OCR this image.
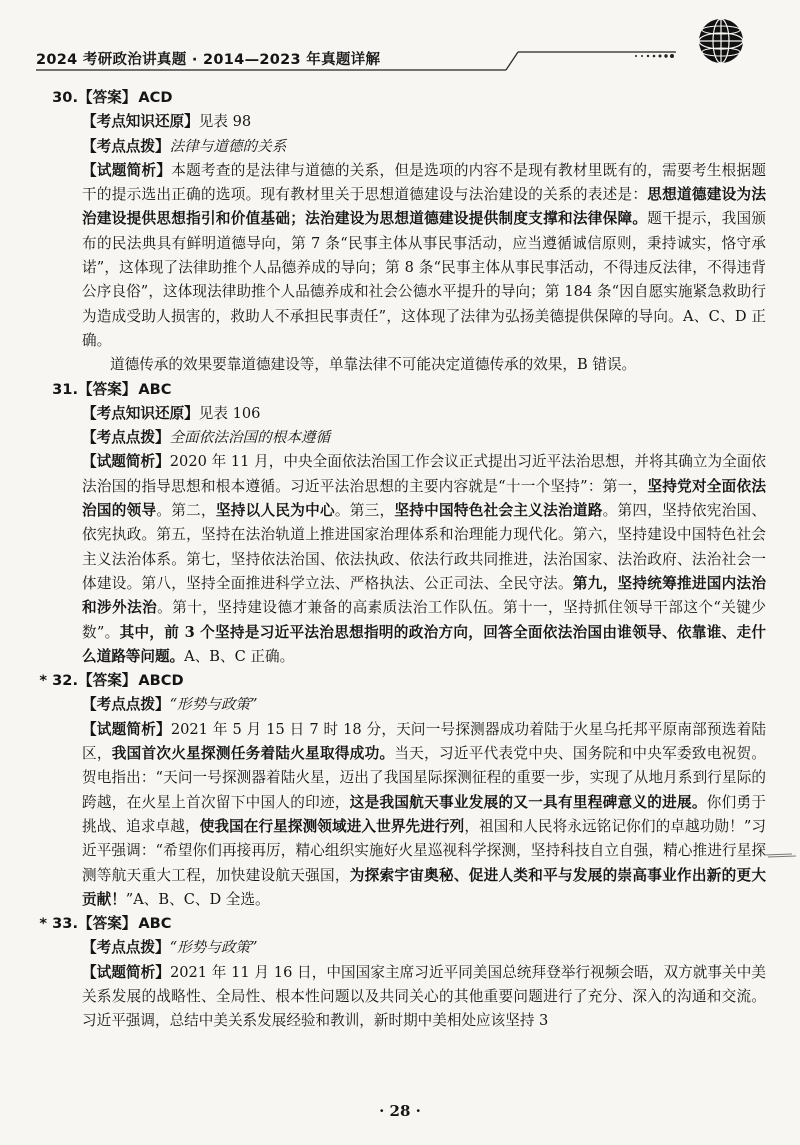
2024 考研政治讲真题 · 2014—2023 年真题详解
30.【答案】 ACD
【考点知识还原】见表 98
【考点点拨】法律与道德的关系
【试题简析】本题考查的是法律与道德的关系，但是选项的内容不是现有教材里既有的，需要考生根据题干的提示选出正确的选项。现有教材里关于思想道德建设与法治建设的关系的表述是：思想道德建设为法治建设提供思想指引和价值基础；法治建设为思想道德建设提供制度支撑和法律保障。题干提示，我国颁布的民法典具有鲜明道德导向，第 7 条“民事主体从事民事活动，应当遵循诚信原则，秉持诚实，恪守承诺”，这体现了法律助推个人品德养成的导向；第 8 条“民事主体从事民事活动，不得违反法律，不得违背公序良俗”，这体现法律助推个人品德养成和社会公德水平提升的导向；第 184 条“因自愿实施紧急救助行为造成受助人损害的，救助人不承担民事责任”，这体现了法律为弘扬美德提供保障的导向。A、C、D 正确。
道德传承的效果要靠道德建设等，单靠法律不可能决定道德传承的效果，B 错误。
31.【答案】 ABC
【考点知识还原】见表 106
【考点点拨】全面依法治国的根本遵循
【试题简析】2020 年 11 月，中央全面依法治国工作会议正式提出习近平法治思想，并将其确立为全面依法治国的指导思想和根本遵循。习近平法治思想的主要内容就是“十一个坚持”：第一，坚持党对全面依法治国的领导。第二，坚持以人民为中心。第三，坚持中国特色社会主义法治道路。第四，坚持依宪治国、依宪执政。第五，坚持在法治轨道上推进国家治理体系和治理能力现代化。第六，坚持建设中国特色社会主义法治体系。第七，坚持依法治国、依法执政、依法行政共同推进，法治国家、法治政府、法治社会一体建设。第八，坚持全面推进科学立法、严格执法、公正司法、全民守法。第九，坚持统筹推进国内法治和涉外法治。第十，坚持建设德才兼备的高素质法治工作队伍。第十一，坚持抓住领导干部这个“关键少数”。其中，前 3 个坚持是习近平法治思想指明的政治方向，回答全面依法治国由谁领导、依靠谁、走什么道路等问题。A、B、C 正确。
* 32.【答案】 ABCD
【考点点拨】“形势与政策”
【试题简析】2021 年 5 月 15 日 7 时 18 分，天问一号探测器成功着陆于火星乌托邦平原南部预选着陆区，我国首次火星探测任务着陆火星取得成功。当天，习近平代表党中央、国务院和中央军委致电祝贺。贺电指出：“天问一号探测器着陆火星，迈出了我国星际探测征程的重要一步，实现了从地月系到行星际的跨越，在火星上首次留下中国人的印迹，这是我国航天事业发展的又一具有里程碑意义的进展。你们勇于挑战、追求卓越，使我国在行星探测领域进入世界先进行列，祖国和人民将永远铭记你们的卓越功勋！”习近平强调：“希望你们再接再厉，精心组织实施好火星巡视科学探测，坚持科技自立自强，精心推进行星探测等航天重大工程，加快建设航天强国，为探索宇宙奥秘、促进人类和平与发展的崇高事业作出新的更大贡献！”A、B、C、D 全选。
* 33.【答案】 ABC
【考点点拨】“形势与政策”
【试题简析】2021 年 11 月 16 日，中国国家主席习近平同美国总统拜登举行视频会晤，双方就事关中美关系发展的战略性、全局性、根本性问题以及共同关心的其他重要问题进行了充分、深入的沟通和交流。习近平强调，总结中美关系发展经验和教训，新时期中美相处应该坚持 3
· 28 ·
